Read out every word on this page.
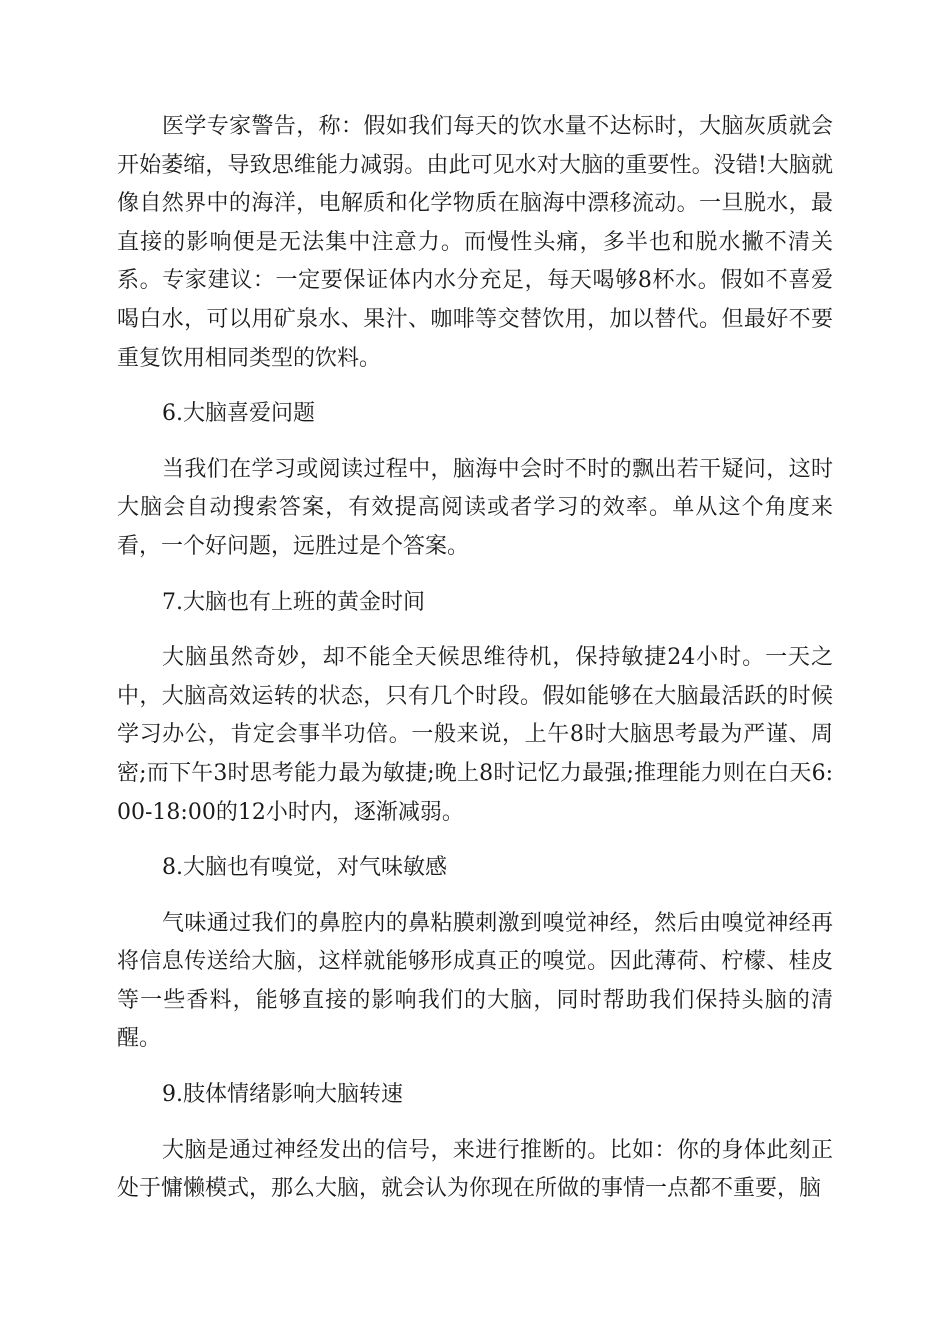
医学专家警告，称：假如我们每天的饮水量不达标时，大脑灰质就会开始萎缩，导致思维能力减弱。由此可见水对大脑的重要性。没错!大脑就像自然界中的海洋，电解质和化学物质在脑海中漂移流动。一旦脱水，最直接的影响便是无法集中注意力。而慢性头痛，多半也和脱水撇不清关系。专家建议：一定要保证体内水分充足，每天喝够8杯水。假如不喜爱喝白水，可以用矿泉水、果汁、咖啡等交替饮用，加以替代。但最好不要重复饮用相同类型的饮料。

6.大脑喜爱问题

当我们在学习或阅读过程中，脑海中会时不时的飘出若干疑问，这时大脑会自动搜索答案，有效提高阅读或者学习的效率。单从这个角度来看，一个好问题，远胜过是个答案。

7.大脑也有上班的黄金时间

大脑虽然奇妙，却不能全天候思维待机，保持敏捷24小时。一天之中，大脑高效运转的状态，只有几个时段。假如能够在大脑最活跃的时候学习办公，肯定会事半功倍。一般来说，上午8时大脑思考最为严谨、周密;而下午3时思考能力最为敏捷;晚上8时记忆力最强;推理能力则在白天6:00-18:00的12小时内，逐渐减弱。

8.大脑也有嗅觉，对气味敏感

气味通过我们的鼻腔内的鼻粘膜刺激到嗅觉神经，然后由嗅觉神经再将信息传送给大脑，这样就能够形成真正的嗅觉。因此薄荷、柠檬、桂皮等一些香料，能够直接的影响我们的大脑，同时帮助我们保持头脑的清醒。

9.肢体情绪影响大脑转速

大脑是通过神经发出的信号，来进行推断的。比如：你的身体此刻正处于慵懒模式，那么大脑，就会认为你现在所做的事情一点都不重要，脑
